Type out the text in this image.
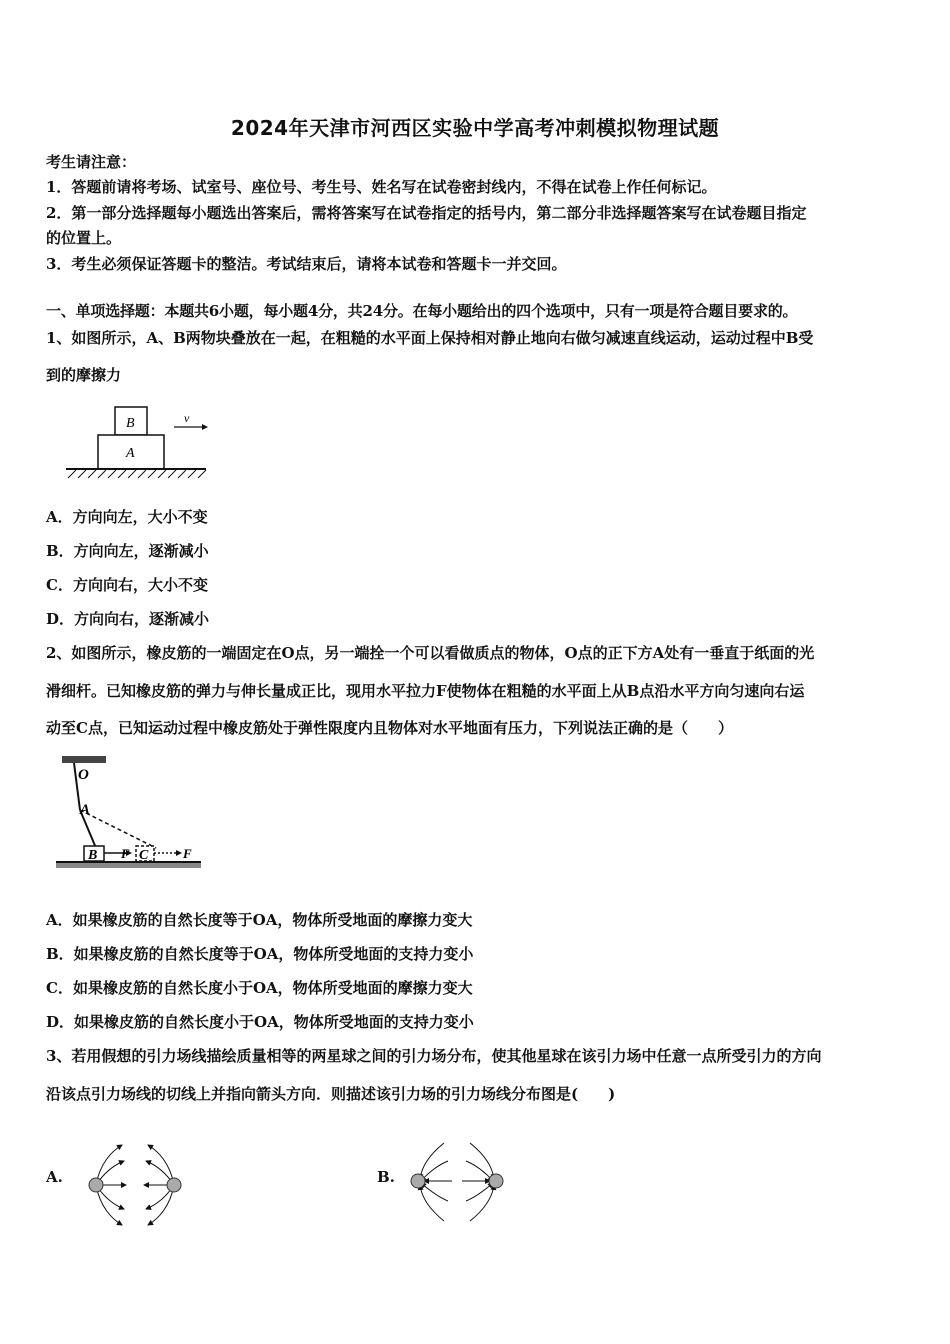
2024年天津市河西区实验中学高考冲刺模拟物理试题
考生请注意：
1．答题前请将考场、试室号、座位号、考生号、姓名写在试卷密封线内，不得在试卷上作任何标记。
2．第一部分选择题每小题选出答案后，需将答案写在试卷指定的括号内，第二部分非选择题答案写在试卷题目指定
的位置上。
3．考生必须保证答题卡的整洁。考试结束后，请将本试卷和答题卡一并交回。
一、单项选择题：本题共6小题，每小题4分，共24分。在每小题给出的四个选项中，只有一项是符合题目要求的。
1、如图所示，A、B两物块叠放在一起，在粗糙的水平面上保持相对静止地向右做匀减速直线运动，运动过程中B受
到的摩擦力
B
A
v
A．方向向左，大小不变
B．方向向左，逐渐减小
C．方向向右，大小不变
D．方向向右，逐渐减小
2、如图所示，橡皮筋的一端固定在O点，另一端拴一个可以看做质点的物体，O点的正下方A处有一垂直于纸面的光
滑细杆。已知橡皮筋的弹力与伸长量成正比，现用水平拉力F使物体在粗糙的水平面上从B点沿水平方向匀速向右运
动至C点，已知运动过程中橡皮筋处于弹性限度内且物体对水平地面有压力，下列说法正确的是（　　）
O
A
B	C
F	F
A．如果橡皮筋的自然长度等于OA，物体所受地面的摩擦力变大
B．如果橡皮筋的自然长度等于OA，物体所受地面的支持力变小
C．如果橡皮筋的自然长度小于OA，物体所受地面的摩擦力变大
D．如果橡皮筋的自然长度小于OA，物体所受地面的支持力变小
3、若用假想的引力场线描绘质量相等的两星球之间的引力场分布，使其他星球在该引力场中任意一点所受引力的方向
沿该点引力场线的切线上并指向箭头方向．则描述该引力场的引力场线分布图是(　　)
A.	B.
